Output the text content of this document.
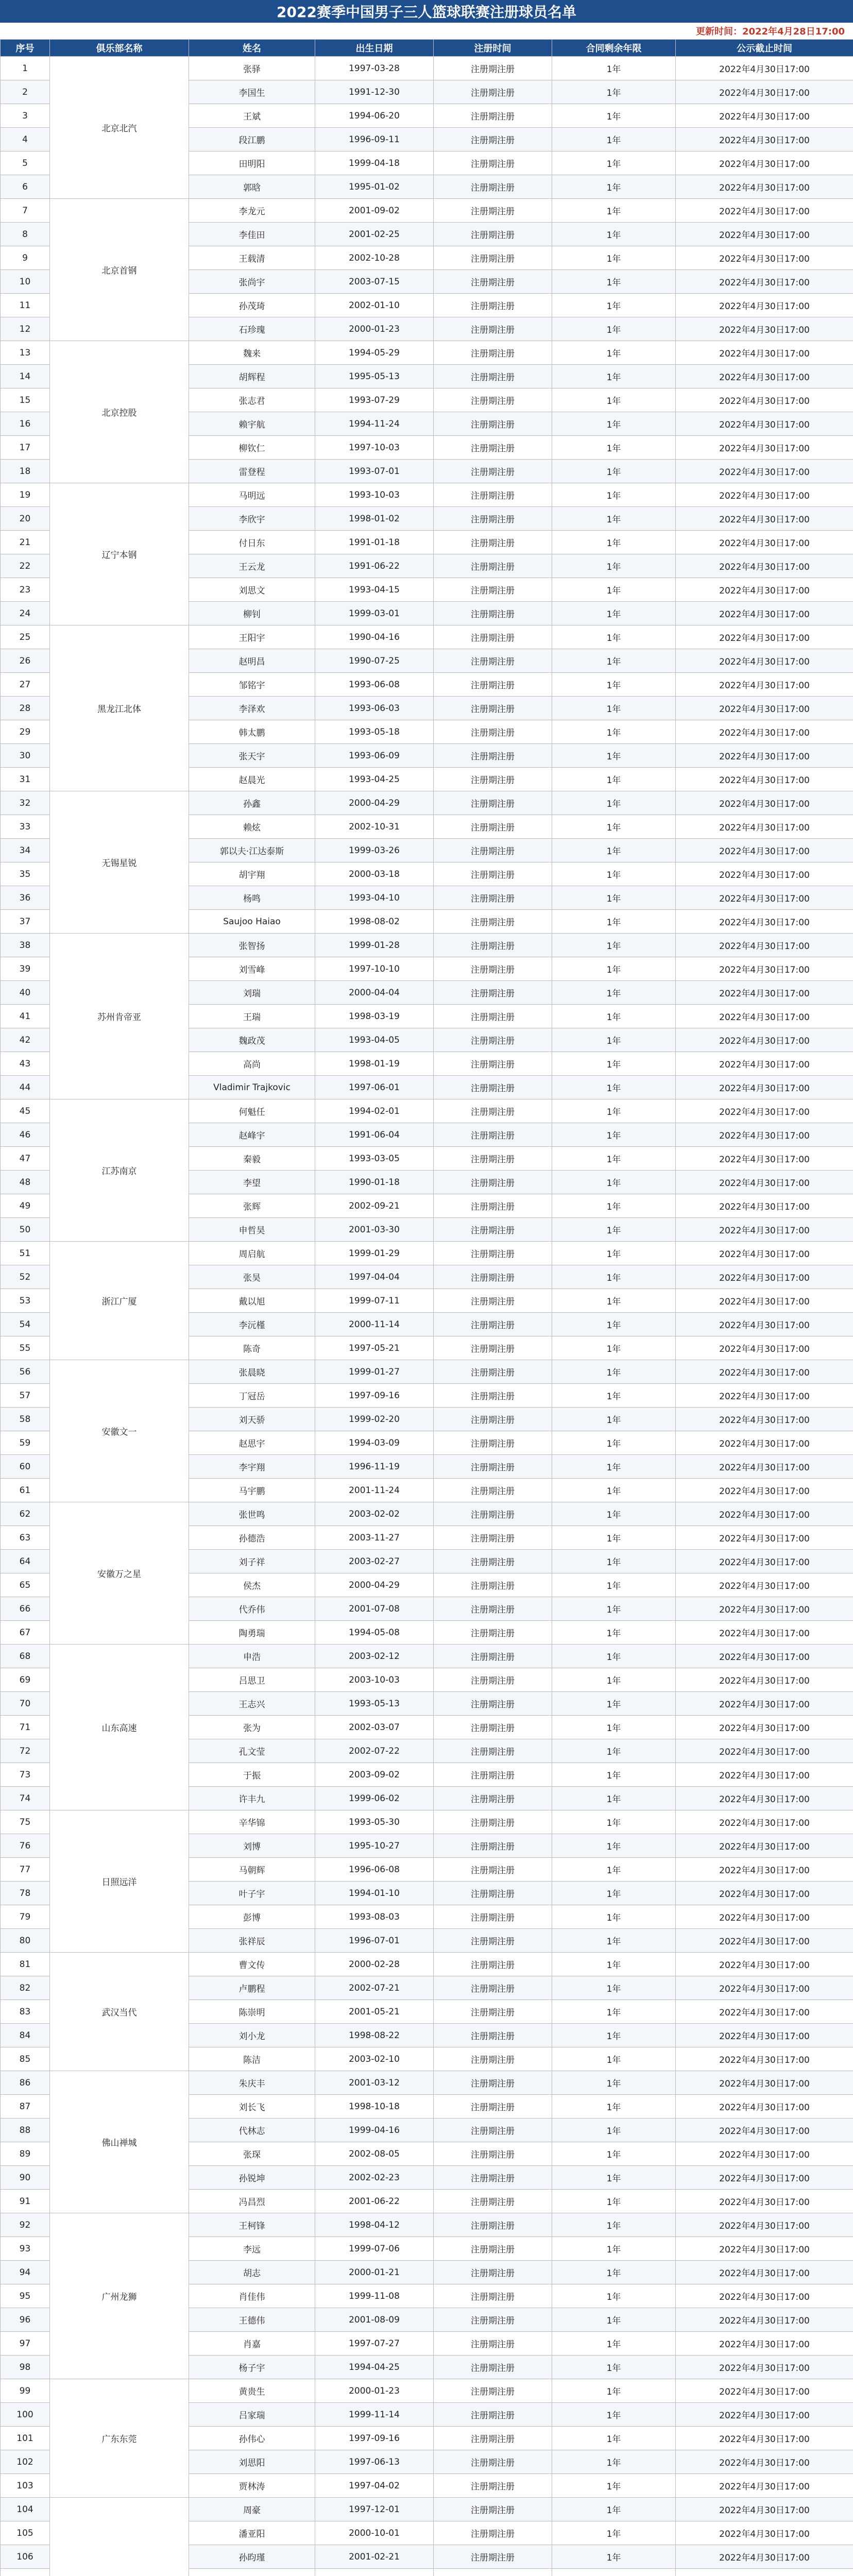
2022赛季中国男子三人篮球联赛注册球员名单
更新时间：2022年4月28日17:00
序号	俱乐部名称	姓名	出生日期	注册时间	合同剩余年限	公示截止时间
1	北京北汽	张驿	1997-03-28	注册期注册	1年	2022年4月30日17:00
2		李国生	1991-12-30	注册期注册	1年	2022年4月30日17:00
3		王斌	1994-06-20	注册期注册	1年	2022年4月30日17:00
4		段江鹏	1996-09-11	注册期注册	1年	2022年4月30日17:00
5		田明阳	1999-04-18	注册期注册	1年	2022年4月30日17:00
6		郭晗	1995-01-02	注册期注册	1年	2022年4月30日17:00
7	北京首钢	李龙元	2001-09-02	注册期注册	1年	2022年4月30日17:00
8		李佳田	2001-02-25	注册期注册	1年	2022年4月30日17:00
9		王载清	2002-10-28	注册期注册	1年	2022年4月30日17:00
10		张尚宇	2003-07-15	注册期注册	1年	2022年4月30日17:00
11		孙茂琦	2002-01-10	注册期注册	1年	2022年4月30日17:00
12		石珍瑰	2000-01-23	注册期注册	1年	2022年4月30日17:00
13	北京控股	魏来	1994-05-29	注册期注册	1年	2022年4月30日17:00
14		胡辉程	1995-05-13	注册期注册	1年	2022年4月30日17:00
15		张志君	1993-07-29	注册期注册	1年	2022年4月30日17:00
16		赖宇航	1994-11-24	注册期注册	1年	2022年4月30日17:00
17		柳钦仁	1997-10-03	注册期注册	1年	2022年4月30日17:00
18		雷登程	1993-07-01	注册期注册	1年	2022年4月30日17:00
19	辽宁本钢	马明远	1993-10-03	注册期注册	1年	2022年4月30日17:00
20		李欣宇	1998-01-02	注册期注册	1年	2022年4月30日17:00
21		付日东	1991-01-18	注册期注册	1年	2022年4月30日17:00
22		王云龙	1991-06-22	注册期注册	1年	2022年4月30日17:00
23		刘思文	1993-04-15	注册期注册	1年	2022年4月30日17:00
24		柳钊	1999-03-01	注册期注册	1年	2022年4月30日17:00
25	黑龙江北体	王阳宇	1990-04-16	注册期注册	1年	2022年4月30日17:00
26		赵明昌	1990-07-25	注册期注册	1年	2022年4月30日17:00
27		邹铭宇	1993-06-08	注册期注册	1年	2022年4月30日17:00
28		李泽欢	1993-06-03	注册期注册	1年	2022年4月30日17:00
29		韩太鹏	1993-05-18	注册期注册	1年	2022年4月30日17:00
30		张天宇	1993-06-09	注册期注册	1年	2022年4月30日17:00
31		赵晨光	1993-04-25	注册期注册	1年	2022年4月30日17:00
32	无锡星锐	孙鑫	2000-04-29	注册期注册	1年	2022年4月30日17:00
33		赖炫	2002-10-31	注册期注册	1年	2022年4月30日17:00
34		郭以夫·江达泰斯	1999-03-26	注册期注册	1年	2022年4月30日17:00
35		胡宇翔	2000-03-18	注册期注册	1年	2022年4月30日17:00
36		杨鸣	1993-04-10	注册期注册	1年	2022年4月30日17:00
37		Saujoo Haiao	1998-08-02	注册期注册	1年	2022年4月30日17:00
38	苏州肯帝亚	张智扬	1999-01-28	注册期注册	1年	2022年4月30日17:00
39		刘雪峰	1997-10-10	注册期注册	1年	2022年4月30日17:00
40		刘瑞	2000-04-04	注册期注册	1年	2022年4月30日17:00
41		王瑞	1998-03-19	注册期注册	1年	2022年4月30日17:00
42		魏政茂	1993-04-05	注册期注册	1年	2022年4月30日17:00
43		高尚	1998-01-19	注册期注册	1年	2022年4月30日17:00
44		Vladimir Trajkovic	1997-06-01	注册期注册	1年	2022年4月30日17:00
45	江苏南京	何魁任	1994-02-01	注册期注册	1年	2022年4月30日17:00
46		赵峰宇	1991-06-04	注册期注册	1年	2022年4月30日17:00
47		秦毅	1993-03-05	注册期注册	1年	2022年4月30日17:00
48		李望	1990-01-18	注册期注册	1年	2022年4月30日17:00
49		张辉	2002-09-21	注册期注册	1年	2022年4月30日17:00
50		申哲昊	2001-03-30	注册期注册	1年	2022年4月30日17:00
51	浙江广厦	周启航	1999-01-29	注册期注册	1年	2022年4月30日17:00
52		张昊	1997-04-04	注册期注册	1年	2022年4月30日17:00
53		戴以旭	1999-07-11	注册期注册	1年	2022年4月30日17:00
54		李沅槿	2000-11-14	注册期注册	1年	2022年4月30日17:00
55		陈奇	1997-05-21	注册期注册	1年	2022年4月30日17:00
56	安徽文一	张晨晓	1999-01-27	注册期注册	1年	2022年4月30日17:00
57		丁冠岳	1997-09-16	注册期注册	1年	2022年4月30日17:00
58		刘天骄	1999-02-20	注册期注册	1年	2022年4月30日17:00
59		赵思宇	1994-03-09	注册期注册	1年	2022年4月30日17:00
60		李宇翔	1996-11-19	注册期注册	1年	2022年4月30日17:00
61		马宇鹏	2001-11-24	注册期注册	1年	2022年4月30日17:00
62	安徽万之星	张世鸣	2003-02-02	注册期注册	1年	2022年4月30日17:00
63		孙德浩	2003-11-27	注册期注册	1年	2022年4月30日17:00
64		刘子祥	2003-02-27	注册期注册	1年	2022年4月30日17:00
65		侯杰	2000-04-29	注册期注册	1年	2022年4月30日17:00
66		代乔伟	2001-07-08	注册期注册	1年	2022年4月30日17:00
67		陶勇瑞	1994-05-08	注册期注册	1年	2022年4月30日17:00
68	山东高速	申浩	2003-02-12	注册期注册	1年	2022年4月30日17:00
69		吕思卫	2003-10-03	注册期注册	1年	2022年4月30日17:00
70		王志兴	1993-05-13	注册期注册	1年	2022年4月30日17:00
71		张为	2002-03-07	注册期注册	1年	2022年4月30日17:00
72		孔文莹	2002-07-22	注册期注册	1年	2022年4月30日17:00
73		于振	2003-09-02	注册期注册	1年	2022年4月30日17:00
74		许丰九	1999-06-02	注册期注册	1年	2022年4月30日17:00
75	日照远洋	辛华锦	1993-05-30	注册期注册	1年	2022年4月30日17:00
76		刘博	1995-10-27	注册期注册	1年	2022年4月30日17:00
77		马朝辉	1996-06-08	注册期注册	1年	2022年4月30日17:00
78		叶子宇	1994-01-10	注册期注册	1年	2022年4月30日17:00
79		彭博	1993-08-03	注册期注册	1年	2022年4月30日17:00
80		张祥辰	1996-07-01	注册期注册	1年	2022年4月30日17:00
81	武汉当代	曹文传	2000-02-28	注册期注册	1年	2022年4月30日17:00
82		卢鹏程	2002-07-21	注册期注册	1年	2022年4月30日17:00
83		陈崇明	2001-05-21	注册期注册	1年	2022年4月30日17:00
84		刘小龙	1998-08-22	注册期注册	1年	2022年4月30日17:00
85		陈洁	2003-02-10	注册期注册	1年	2022年4月30日17:00
86	佛山禅城	朱庆丰	2001-03-12	注册期注册	1年	2022年4月30日17:00
87		刘长飞	1998-10-18	注册期注册	1年	2022年4月30日17:00
88		代林志	1999-04-16	注册期注册	1年	2022年4月30日17:00
89		张琛	2002-08-05	注册期注册	1年	2022年4月30日17:00
90		孙锐坤	2002-02-23	注册期注册	1年	2022年4月30日17:00
91		冯昌烈	2001-06-22	注册期注册	1年	2022年4月30日17:00
92	广州龙狮	王柯锋	1998-04-12	注册期注册	1年	2022年4月30日17:00
93		李远	1999-07-06	注册期注册	1年	2022年4月30日17:00
94		胡志	2000-01-21	注册期注册	1年	2022年4月30日17:00
95		肖佳伟	1999-11-08	注册期注册	1年	2022年4月30日17:00
96		王德伟	2001-08-09	注册期注册	1年	2022年4月30日17:00
97		肖嘉	1997-07-27	注册期注册	1年	2022年4月30日17:00
98		杨子宇	1994-04-25	注册期注册	1年	2022年4月30日17:00
99	广东东莞	黄贵生	2000-01-23	注册期注册	1年	2022年4月30日17:00
100		吕家瑞	1999-11-14	注册期注册	1年	2022年4月30日17:00
101		孙伟心	1997-09-16	注册期注册	1年	2022年4月30日17:00
102		刘思阳	1997-06-13	注册期注册	1年	2022年4月30日17:00
103		贾林涛	1997-04-02	注册期注册	1年	2022年4月30日17:00
104		周豪	1997-12-01	注册期注册	1年	2022年4月30日17:00
105		潘亚阳	2000-10-01	注册期注册	1年	2022年4月30日17:00
106		孙昀瑾	2001-02-21	注册期注册	1年	2022年4月30日17:00
